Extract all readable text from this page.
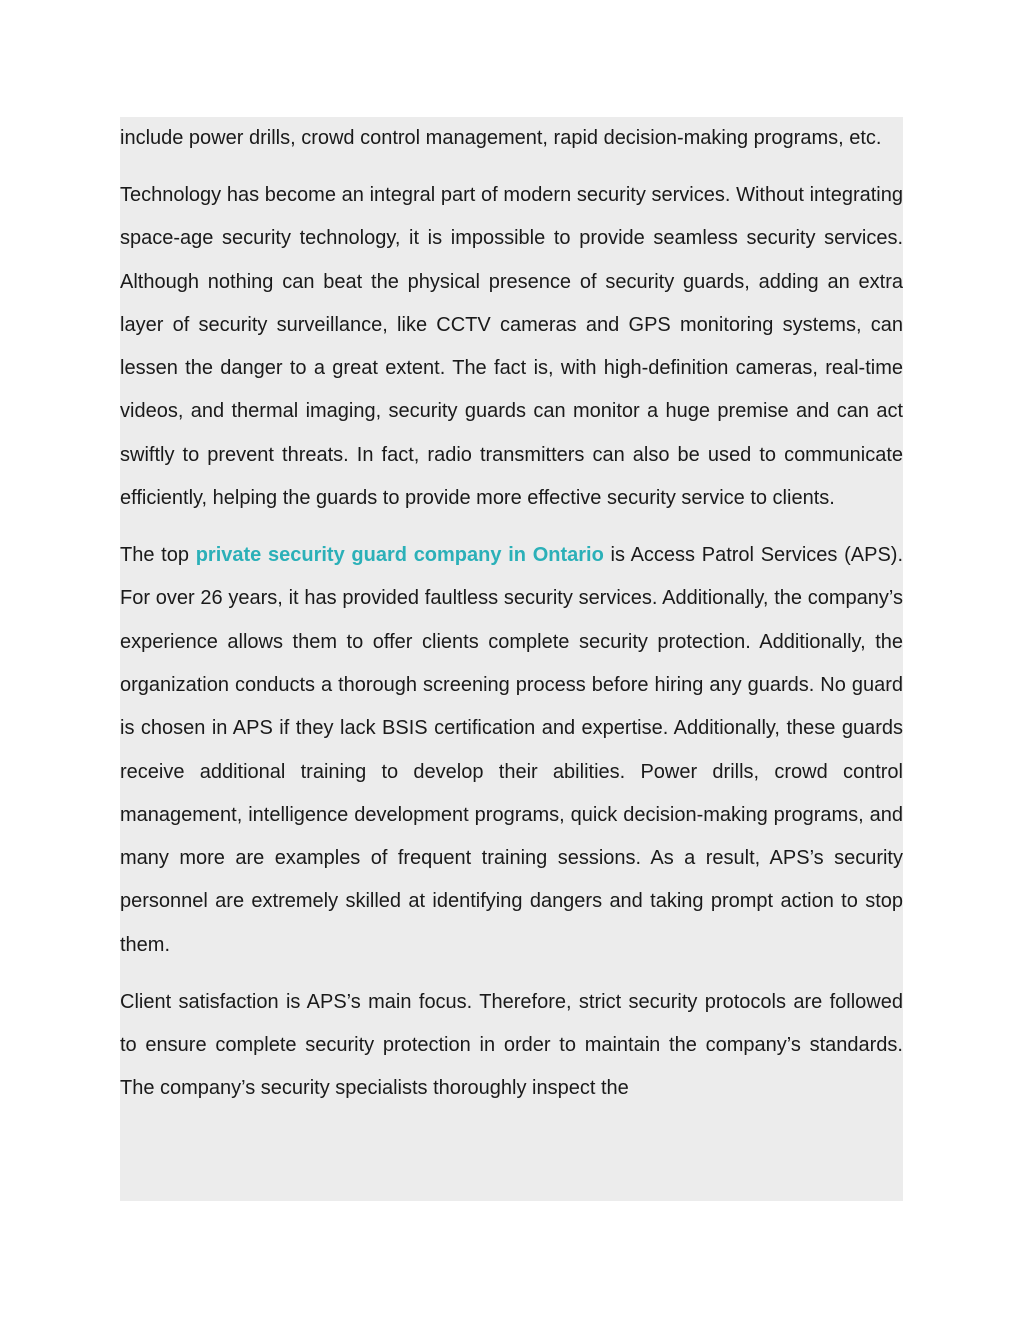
include power drills, crowd control management, rapid decision-making programs, etc.

Technology has become an integral part of modern security services. Without integrating space-age security technology, it is impossible to provide seamless security services. Although nothing can beat the physical presence of security guards, adding an extra layer of security surveillance, like CCTV cameras and GPS monitoring systems, can lessen the danger to a great extent. The fact is, with high-definition cameras, real-time videos, and thermal imaging, security guards can monitor a huge premise and can act swiftly to prevent threats. In fact, radio transmitters can also be used to communicate efficiently, helping the guards to provide more effective security service to clients.

The top private security guard company in Ontario is Access Patrol Services (APS). For over 26 years, it has provided faultless security services. Additionally, the company’s experience allows them to offer clients complete security protection. Additionally, the organization conducts a thorough screening process before hiring any guards. No guard is chosen in APS if they lack BSIS certification and expertise. Additionally, these guards receive additional training to develop their abilities. Power drills, crowd control management, intelligence development programs, quick decision-making programs, and many more are examples of frequent training sessions. As a result, APS’s security personnel are extremely skilled at identifying dangers and taking prompt action to stop them.

Client satisfaction is APS’s main focus. Therefore, strict security protocols are followed to ensure complete security protection in order to maintain the company’s standards. The company’s security specialists thoroughly inspect the
